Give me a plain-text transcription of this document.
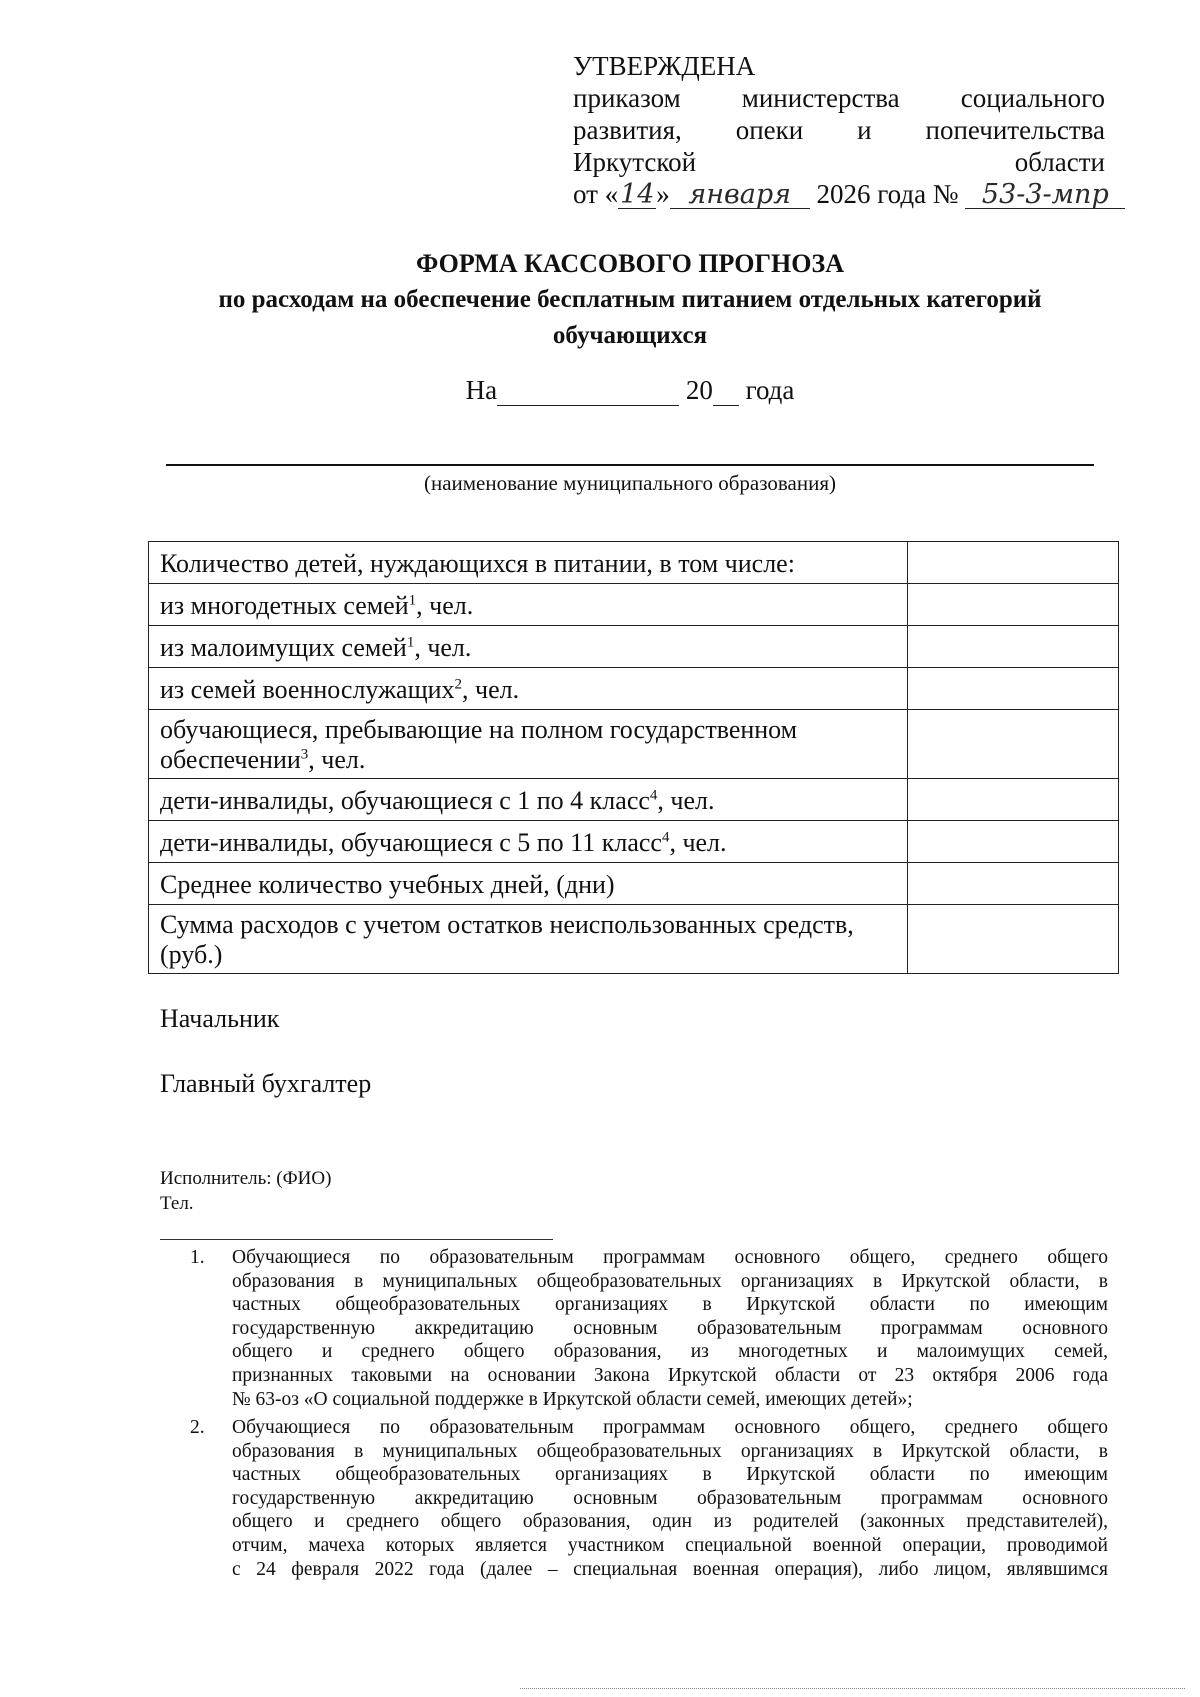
УТВЕРЖДЕНА
приказом министерства социального
развития, опеки и попечительства
Иркутской	области
от «14» января 2026 года № 53-3-мпр
ФОРМА КАССОВОГО ПРОГНОЗА
по расходам на обеспечение бесплатным питанием отдельных категорий
обучающихся
На	20 года
(наименование муниципального образования)
Количество детей, нуждающихся в питании, в том числе:	
из многодетных семей$^1$, чел.	
из малоимущих семей$^1$, чел.	
из семей военнослужащих$^2$, чел.	
обучающиеся, пребывающие на полном государственном обеспечении$^3$, чел.	
дети-инвалиды, обучающиеся с 1 по 4 класс$^4$, чел.	
дети-инвалиды, обучающиеся с 5 по 11 класс$^4$, чел.	
Среднее количество учебных дней, (дни)	
Сумма расходов с учетом остатков неиспользованных средств, (руб.)	
Начальник
Главный бухгалтер
Исполнитель: (ФИО)
Тел.
1. Обучающиеся по образовательным программам основного общего, среднего общего
образования в муниципальных общеобразовательных организациях в Иркутской области, в
частных общеобразовательных организациях в Иркутской области по имеющим
государственную аккредитацию основным образовательным программам основного
общего и среднего общего образования, из многодетных и малоимущих семей,
признанных таковыми на основании Закона Иркутской области от 23 октября 2006 года
№ 63-оз «О социальной поддержке в Иркутской области семей, имеющих детей»;
2. Обучающиеся по образовательным программам основного общего, среднего общего
образования в муниципальных общеобразовательных организациях в Иркутской области, в
частных общеобразовательных организациях в Иркутской области по имеющим
государственную аккредитацию основным образовательным программам основного
общего и среднего общего образования, один из родителей (законных представителей),
отчим, мачеха которых является участником специальной военной операции, проводимой
с 24 февраля 2022 года (далее – специальная военная операция), либо лицом, являвшимся
